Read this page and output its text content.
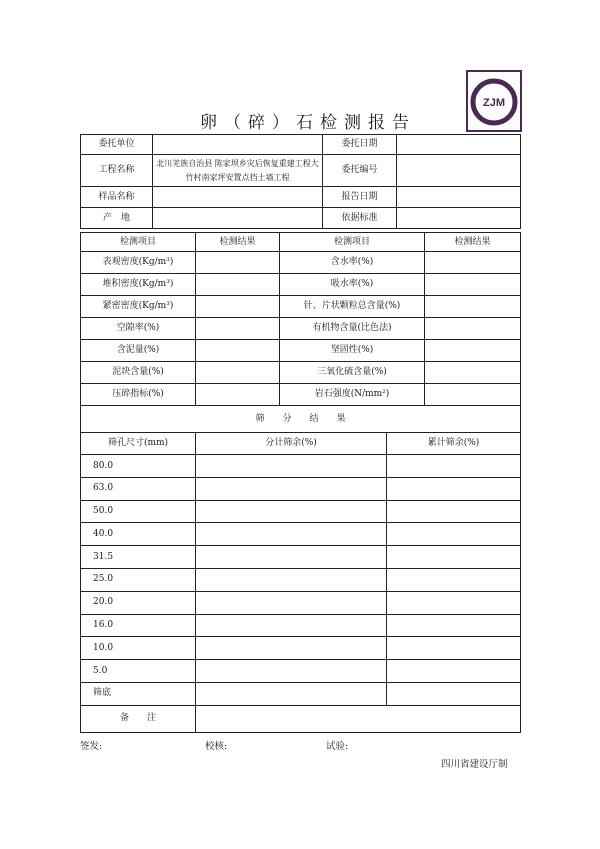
卵（碎）石检测报告
ZJM
委托单位		委托日期	
工程名称	北川羌族自治县 陈家坝乡灾后恢复重建工程大竹村南家坪安置点挡土墙工程	委托编号	
样品名称		报告日期	
产　地		依据标准	
检测项目	检测结果	检测项目	检测结果
表观密度(Kg/m³)		含水率(%)	
堆积密度(Kg/m³)		吸水率(%)	
紧密密度(Kg/m³)		针、片状颗粒总含量(%)	
空隙率(%)		有机物含量(比色法)	
含泥量(%)		坚固性(%)	
泥块含量(%)		三氧化硫含量(%)	
压碎指标(%)		岩石强度(N/mm²)	
筛　　分　　结　　果		
筛孔尺寸(mm)	分计筛余(%)	累计筛余(%)
80.0		
63.0		
50.0		
40.0		
31.5		
25.0		
20.0		
16.0		
10.0		
5.0		
筛底		
备　　注		
签发:	校核:	试验:
四川省建设厅制
